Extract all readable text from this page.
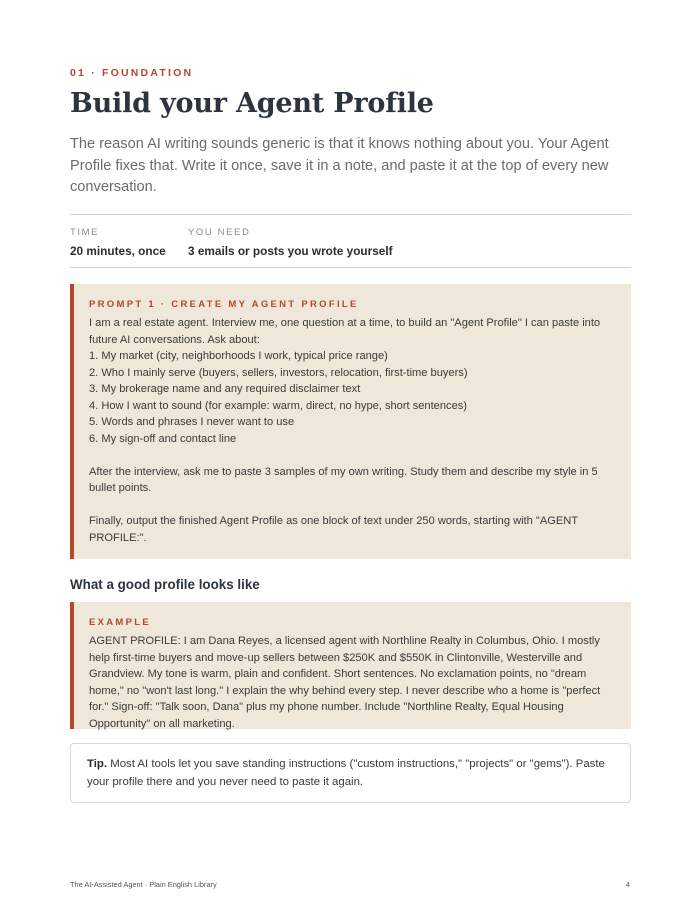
01 · FOUNDATION
Build your Agent Profile

The reason AI writing sounds generic is that it knows nothing about you. Your Agent Profile fixes that. Write it once, save it in a note, and paste it at the top of every new conversation.

TIME
20 minutes, once
YOU NEED
3 emails or posts you wrote yourself
PROMPT 1 · CREATE MY AGENT PROFILE

I am a real estate agent. Interview me, one question at a time, to build an "Agent Profile" I can paste into future AI conversations. Ask about:

1. My market (city, neighborhoods I work, typical price range)

2. Who I mainly serve (buyers, sellers, investors, relocation, first-time buyers)

3. My brokerage name and any required disclaimer text

4. How I want to sound (for example: warm, direct, no hype, short sentences)

5. Words and phrases I never want to use

6. My sign-off and contact line

After the interview, ask me to paste 3 samples of my own writing. Study them and describe my style in 5 bullet points.

Finally, output the finished Agent Profile as one block of text under 250 words, starting with "AGENT PROFILE:".

What a good profile looks like
EXAMPLE

AGENT PROFILE: I am Dana Reyes, a licensed agent with Northline Realty in Columbus, Ohio. I mostly help first-time buyers and move-up sellers between $250K and $550K in Clintonville, Westerville and Grandview. My tone is warm, plain and confident. Short sentences. No exclamation points, no "dream home," no "won't last long." I explain the why behind every step. I never describe who a home is "perfect for." Sign-off: "Talk soon, Dana" plus my phone number. Include "Northline Realty, Equal Housing Opportunity" on all marketing.

Tip. Most AI tools let you save standing instructions ("custom instructions," "projects" or "gems"). Paste your profile there and you never need to paste it again.
The AI-Assisted Agent · Plain English Library	4
